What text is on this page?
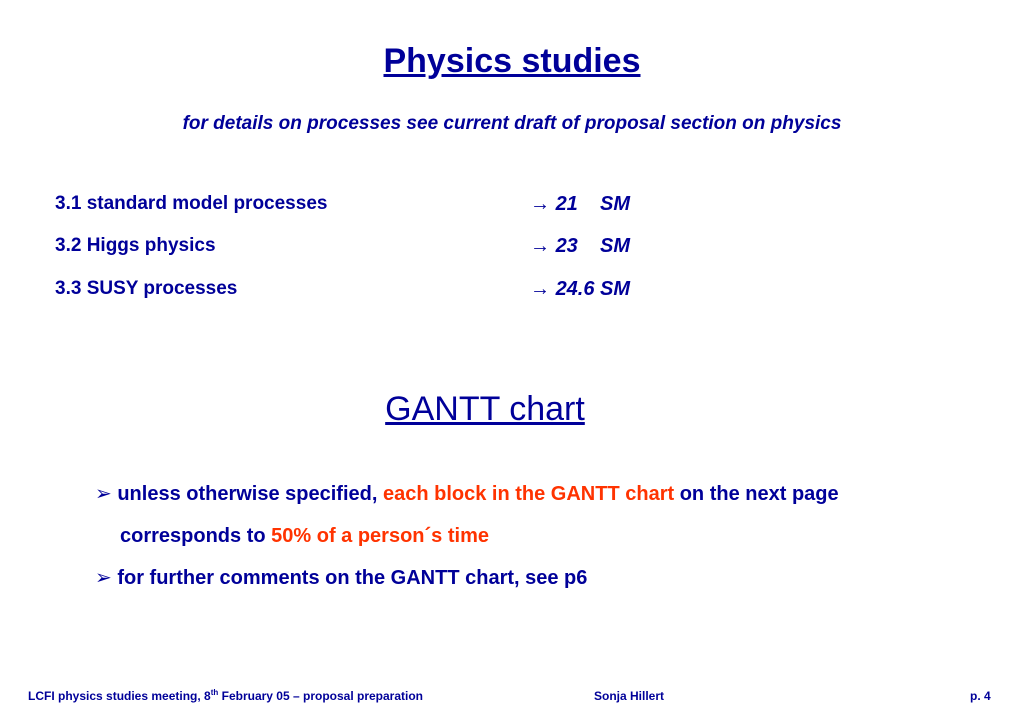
Physics studies
for details on processes see current draft of proposal section on physics
3.1 standard model processes	→ 21    SM
3.2 Higgs physics	→ 23    SM
3.3 SUSY processes	→ 24.6 SM
GANTT chart
➢ unless otherwise specified, each block in the GANTT chart on the next page
corresponds to 50% of a person´s time
➢ for further comments on the GANTT chart, see p6
LCFI physics studies meeting, 8th February 05 – proposal preparation	Sonja Hillert	p. 4
